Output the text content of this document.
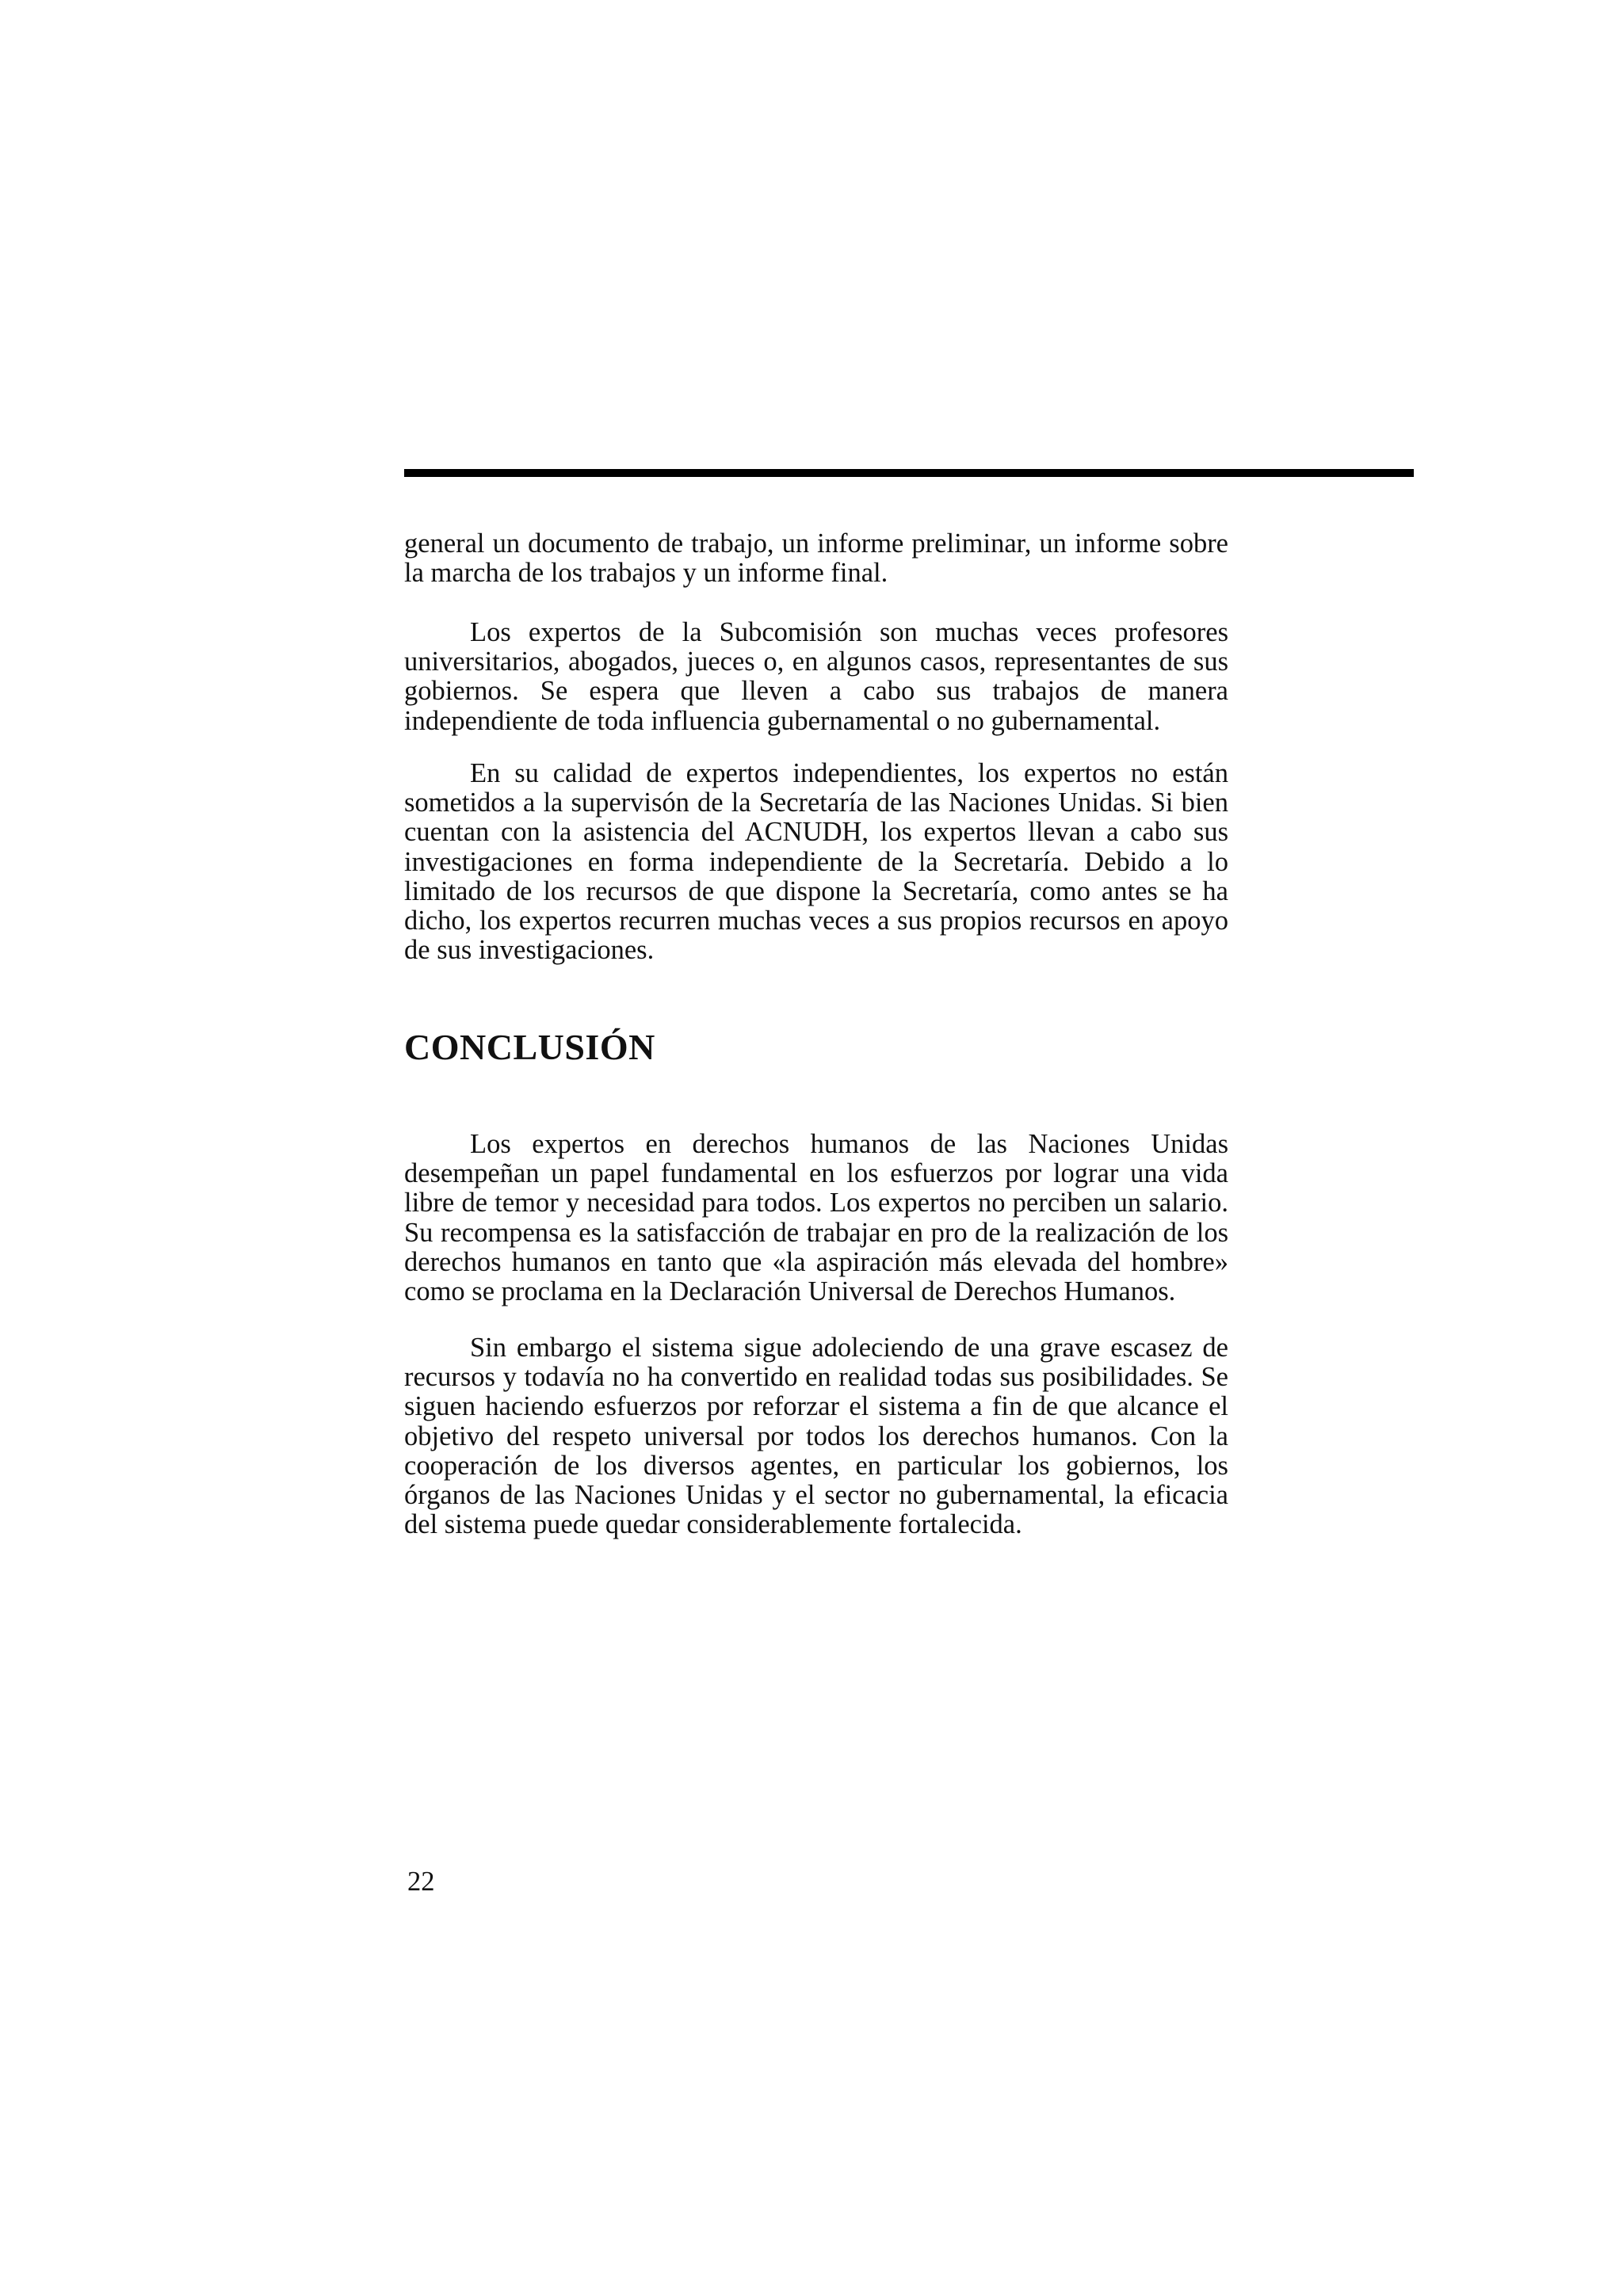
general un documento de trabajo, un informe preliminar, un informe sobre la marcha de los trabajos y un informe final.

Los expertos de la Subcomisión son muchas veces profesores universitarios, abogados, jueces o, en algunos casos, representantes de sus gobiernos. Se espera que lleven a cabo sus trabajos de manera independiente de toda influencia gubernamental o no gubernamental.

En su calidad de expertos independientes, los expertos no están sometidos a la supervisón de la Secretaría de las Naciones Unidas. Si bien cuentan con la asistencia del ACNUDH, los expertos llevan a cabo sus investigaciones en forma independiente de la Secretaría. Debido a lo limitado de los recursos de que dispone la Secretaría, como antes se ha dicho, los expertos recurren muchas veces a sus propios recursos en apoyo de sus investigaciones.

CONCLUSIÓN

Los expertos en derechos humanos de las Naciones Unidas desempeñan un papel fundamental en los esfuerzos por lograr una vida libre de temor y necesidad para todos. Los expertos no perciben un salario. Su recompensa es la satisfacción de trabajar en pro de la realización de los derechos humanos en tanto que «la aspiración más elevada del hombre» como se proclama en la Declaración Universal de Derechos Humanos.

Sin embargo el sistema sigue adoleciendo de una grave escasez de recursos y todavía no ha convertido en realidad todas sus posibilidades. Se siguen haciendo esfuerzos por reforzar el sistema a fin de que alcance el objetivo del respeto universal por todos los derechos humanos. Con la cooperación de los diversos agentes, en particular los gobiernos, los órganos de las Naciones Unidas y el sector no gubernamental, la eficacia del sistema puede quedar considerablemente fortalecida.

22
